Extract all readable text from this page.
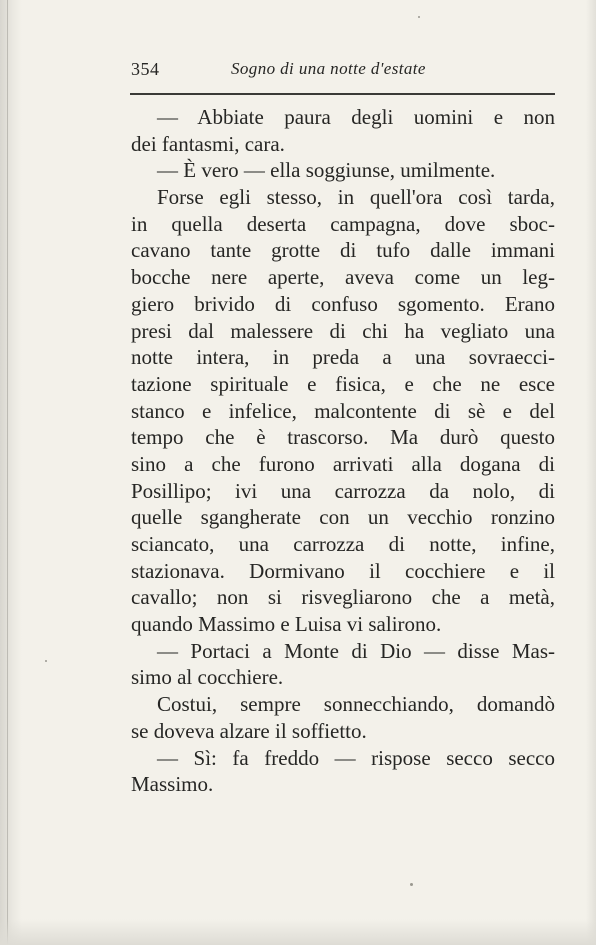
354	Sogno di una notte d'estate
— Abbiate paura degli uomini e non
dei fantasmi, cara.
— È vero — ella soggiunse, umilmente.
Forse egli stesso, in quell'ora così tarda,
in quella deserta campagna, dove sboc-
cavano tante grotte di tufo dalle immani
bocche nere aperte, aveva come un leg-
giero brivido di confuso sgomento. Erano
presi dal malessere di chi ha vegliato una
notte intera, in preda a una sovraecci-
tazione spirituale e fisica, e che ne esce
stanco e infelice, malcontente di sè e del
tempo che è trascorso. Ma durò questo
sino a che furono arrivati alla dogana di
Posillipo; ivi una carrozza da nolo, di
quelle sgangherate con un vecchio ronzino
sciancato, una carrozza di notte, infine,
stazionava. Dormivano il cocchiere e il
cavallo; non si risvegliarono che a metà,
quando Massimo e Luisa vi salirono.
— Portaci a Monte di Dio — disse Mas-
simo al cocchiere.
Costui, sempre sonnecchiando, domandò
se doveva alzare il soffietto.
— Sì: fa freddo — rispose secco secco
Massimo.
